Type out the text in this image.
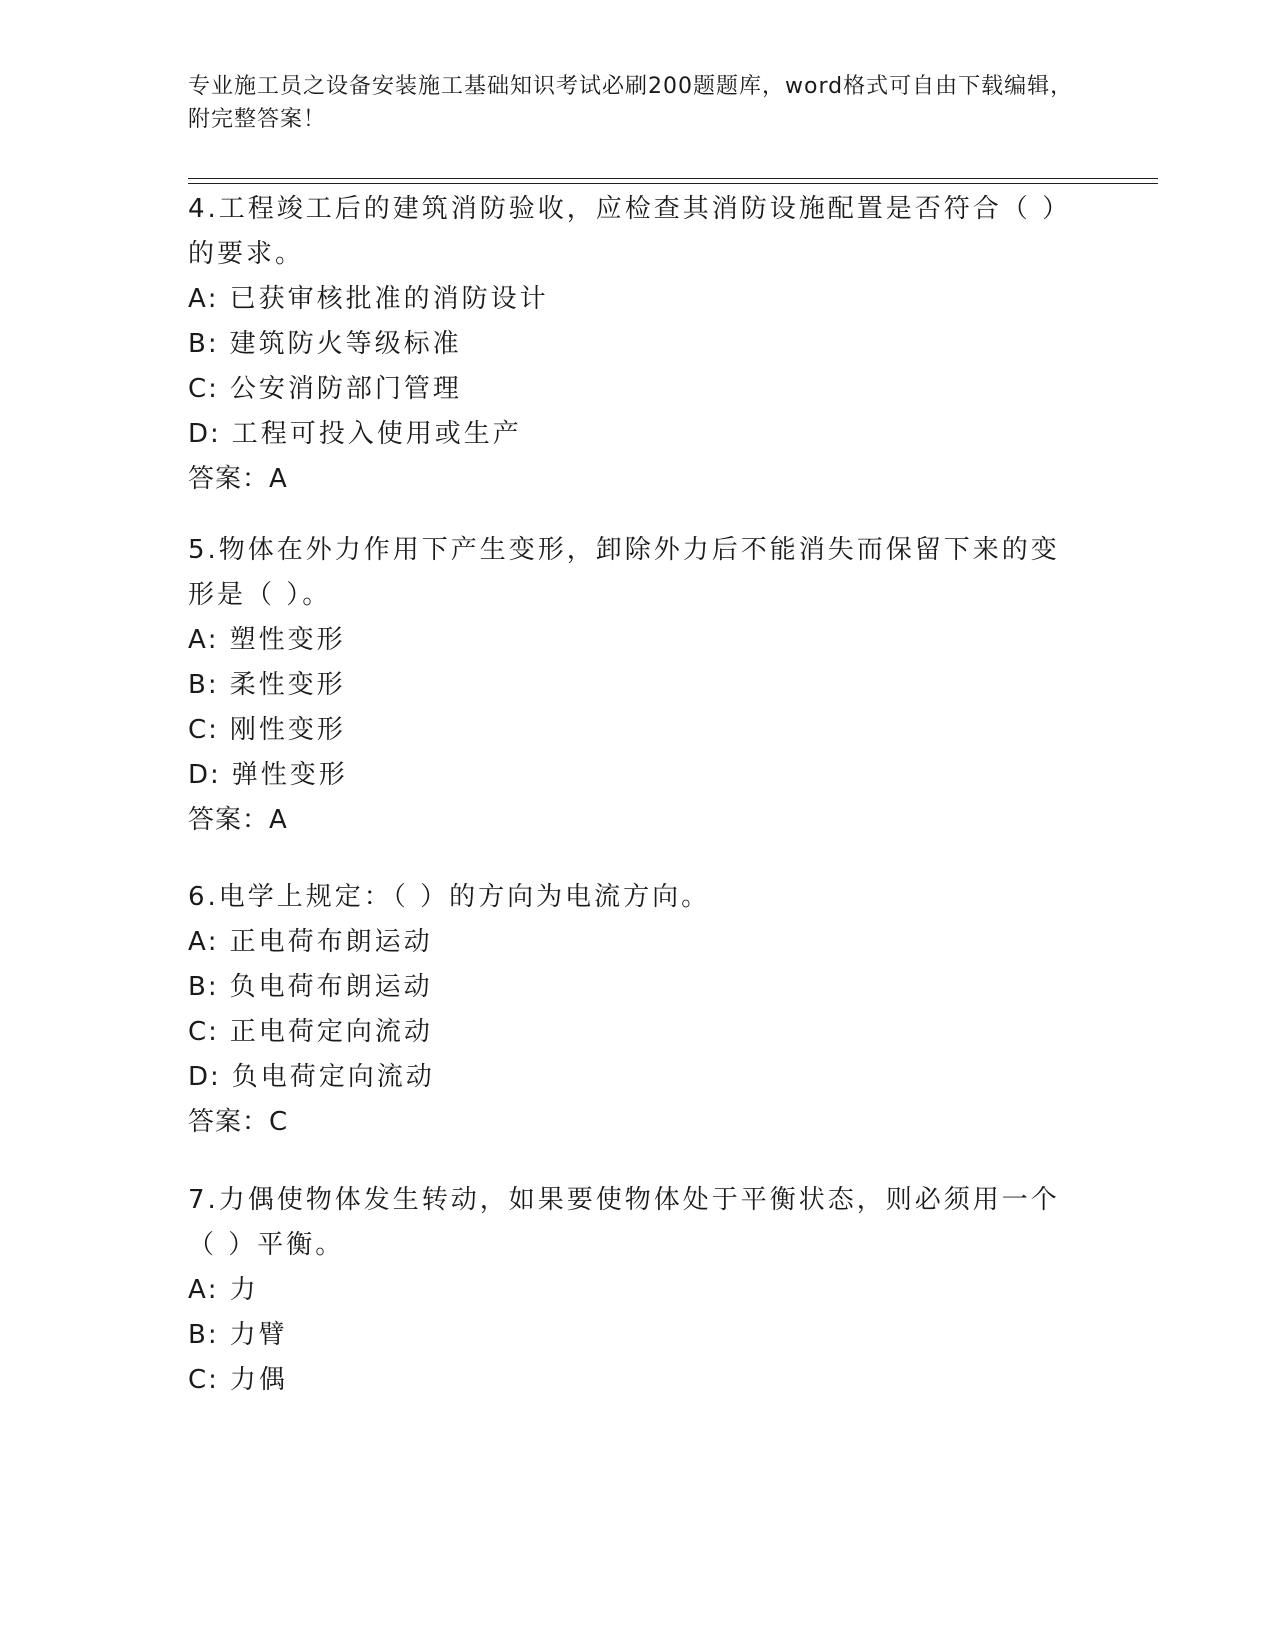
专业施工员之设备安装施工基础知识考试必刷200题题库，word格式可自由下载编辑，附完整答案！
4.工程竣工后的建筑消防验收，应检查其消防设施配置是否符合（ ）的要求。
A: 已获审核批准的消防设计
B: 建筑防火等级标准
C: 公安消防部门管理
D: 工程可投入使用或生产
答案：A
5.物体在外力作用下产生变形，卸除外力后不能消失而保留下来的变形是（ ）。
A: 塑性变形
B: 柔性变形
C: 刚性变形
D: 弹性变形
答案：A
6.电学上规定：（ ）的方向为电流方向。
A: 正电荷布朗运动
B: 负电荷布朗运动
C: 正电荷定向流动
D: 负电荷定向流动
答案：C
7.力偶使物体发生转动，如果要使物体处于平衡状态，则必须用一个（ ）平衡。
A: 力
B: 力臂
C: 力偶
